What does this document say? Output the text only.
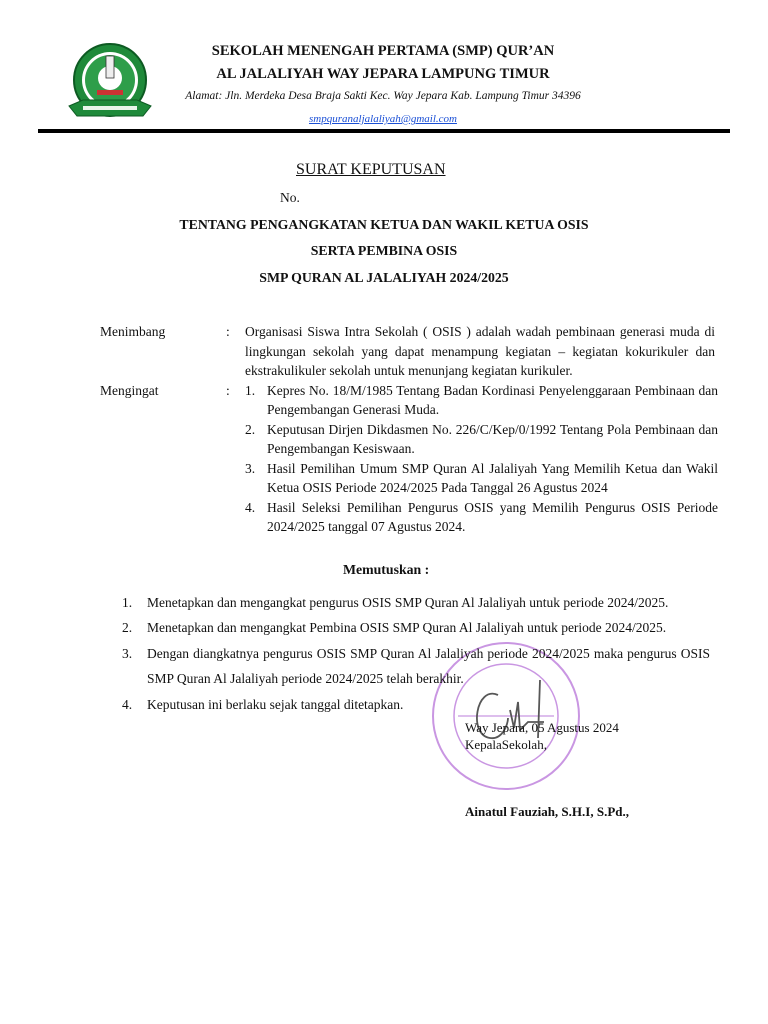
SEKOLAH MENENGAH PERTAMA (SMP) QUR’AN
AL JALALIYAH WAY JEPARA LAMPUNG TIMUR
Alamat: Jln. Merdeka Desa Braja Sakti Kec. Way Jepara Kab. Lampung Timur 34396
smpquranaljalaliyah@gmail.com
SURAT KEPUTUSAN
No.
TENTANG PENGANGKATAN KETUA DAN WAKIL KETUA OSIS
SERTA PEMBINA OSIS
SMP QURAN AL JALALIYAH 2024/2025
Menimbang	: Organisasi Siswa Intra Sekolah ( OSIS ) adalah wadah pembinaan generasi muda di lingkungan sekolah yang dapat menampung kegiatan – kegiatan kokurikuler dan ekstrakulikuler sekolah untuk menunjang kegiatan kurikuler.
Mengingat	: 1. Kepres No. 18/M/1985 Tentang Badan Kordinasi Penyelenggaraan Pembinaan dan Pengembangan Generasi Muda.
2. Keputusan Dirjen Dikdasmen No. 226/C/Kep/0/1992 Tentang Pola Pembinaan dan Pengembangan Kesiswaan.
3. Hasil Pemilihan Umum SMP Quran Al Jalaliyah Yang Memilih Ketua dan Wakil Ketua OSIS Periode 2024/2025 Pada Tanggal 26 Agustus 2024
4. Hasil Seleksi Pemilihan Pengurus OSIS yang Memilih Pengurus OSIS Periode 2024/2025 tanggal 07 Agustus 2024.
Memutuskan :
1.	Menetapkan dan mengangkat pengurus OSIS SMP Quran Al Jalaliyah untuk periode 2024/2025.
2.	Menetapkan dan mengangkat Pembina OSIS SMP Quran Al Jalaliyah untuk periode 2024/2025.
3.	Dengan diangkatnya pengurus OSIS SMP Quran Al Jalaliyah periode 2024/2025 maka pengurus OSIS SMP Quran Al Jalaliyah periode 2024/2025 telah berakhir.
4.	Keputusan ini berlaku sejak tanggal ditetapkan.
Way Jepara, 05 Agustus 2024
KepalaSekolah,
Ainatul Fauziah, S.H.I, S.Pd.,
